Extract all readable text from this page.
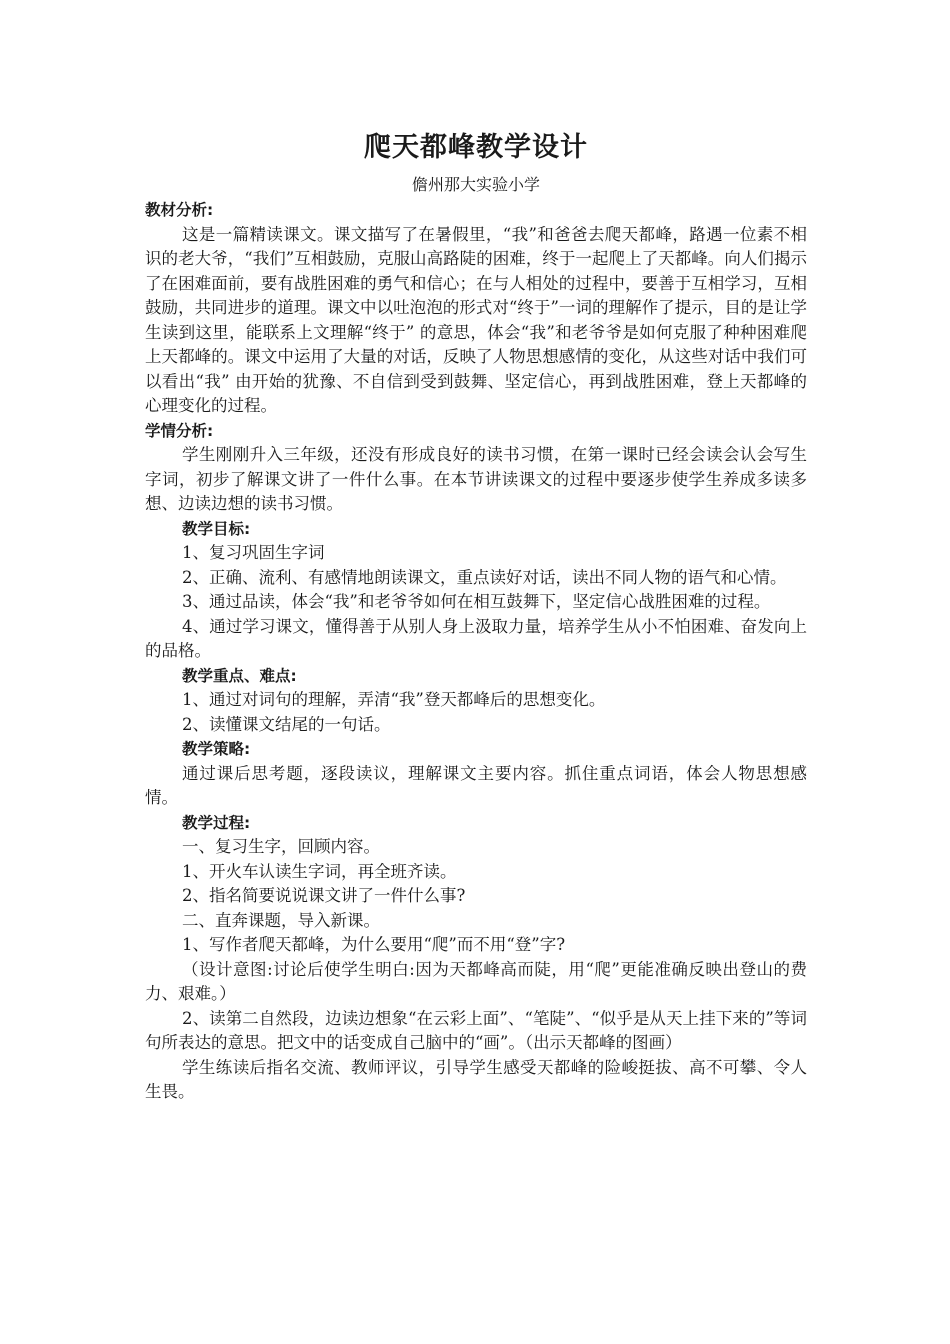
爬天都峰教学设计
儋州那大实验小学
教材分析:

这是一篇精读课文。课文描写了在暑假里，“我”和爸爸去爬天都峰，路遇一位素不相识的老大爷，“我们”互相鼓励，克服山高路陡的困难，终于一起爬上了天都峰。向人们揭示了在困难面前，要有战胜困难的勇气和信心；在与人相处的过程中，要善于互相学习，互相鼓励，共同进步的道理。课文中以吐泡泡的形式对“终于”一词的理解作了提示，目的是让学生读到这里，能联系上文理解“终于” 的意思，体会“我”和老爷爷是如何克服了种种困难爬上天都峰的。课文中运用了大量的对话，反映了人物思想感情的变化，从这些对话中我们可以看出“我” 由开始的犹豫、不自信到受到鼓舞、坚定信心，再到战胜困难，登上天都峰的心理变化的过程。

学情分析:

学生刚刚升入三年级，还没有形成良好的读书习惯，在第一课时已经会读会认会写生字词，初步了解课文讲了一件什么事。在本节讲读课文的过程中要逐步使学生养成多读多想、边读边想的读书习惯。

教学目标:

1、复习巩固生字词

2、正确、流利、有感情地朗读课文，重点读好对话，读出不同人物的语气和心情。

3、通过品读，体会“我”和老爷爷如何在相互鼓舞下，坚定信心战胜困难的过程。

4、通过学习课文，懂得善于从别人身上汲取力量，培养学生从小不怕困难、奋发向上的品格。

教学重点、难点:

1、通过对词句的理解，弄清“我”登天都峰后的思想变化。

2、读懂课文结尾的一句话。

教学策略:

通过课后思考题，逐段读议，理解课文主要内容。抓住重点词语，体会人物思想感情。

教学过程:

一、复习生字，回顾内容。

1、开火车认读生字词，再全班齐读。

2、指名简要说说课文讲了一件什么事?

二、直奔课题，导入新课。

1、写作者爬天都峰，为什么要用“爬”而不用“登”字?

（设计意图:讨论后使学生明白:因为天都峰高而陡，用“爬”更能准确反映出登山的费力、艰难。）

2、读第二自然段，边读边想象“在云彩上面”、“笔陡”、“似乎是从天上挂下来的”等词句所表达的意思。把文中的话变成自己脑中的“画”。（出示天都峰的图画）

学生练读后指名交流、教师评议，引导学生感受天都峰的险峻挺拔、高不可攀、令人生畏。
